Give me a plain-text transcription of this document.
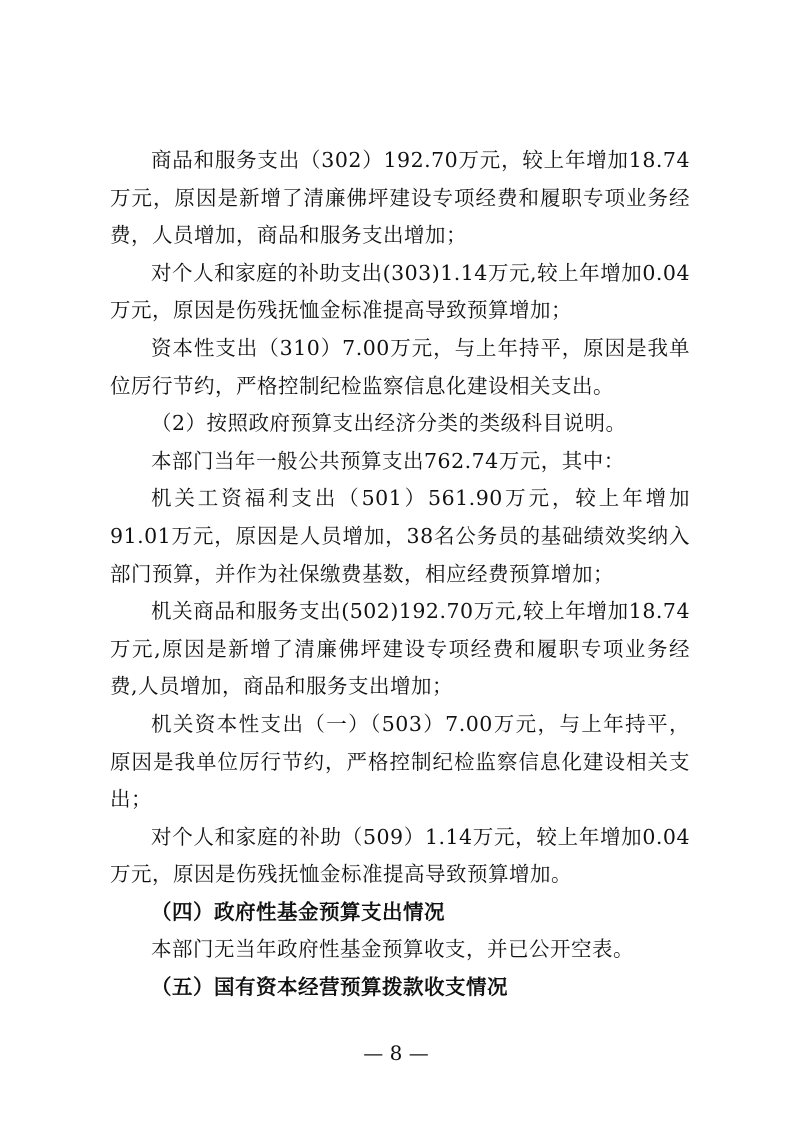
商品和服务支出（302）192.70万元，较上年增加18.74万元，原因是新增了清廉佛坪建设专项经费和履职专项业务经费，人员增加，商品和服务支出增加；

对个人和家庭的补助支出(303)1.14万元,较上年增加0.04万元，原因是伤残抚恤金标准提高导致预算增加；

资本性支出（310）7.00万元，与上年持平，原因是我单位厉行节约，严格控制纪检监察信息化建设相关支出。

（2）按照政府预算支出经济分类的类级科目说明。

本部门当年一般公共预算支出762.74万元，其中：

机关工资福利支出（501）561.90万元，较上年增加91.01万元，原因是人员增加，38名公务员的基础绩效奖纳入部门预算，并作为社保缴费基数，相应经费预算增加；

机关商品和服务支出(502)192.70万元,较上年增加18.74万元,原因是新增了清廉佛坪建设专项经费和履职专项业务经费,人员增加，商品和服务支出增加；

机关资本性支出（一）（503）7.00万元，与上年持平，原因是我单位厉行节约，严格控制纪检监察信息化建设相关支出；

对个人和家庭的补助（509）1.14万元，较上年增加0.04万元，原因是伤残抚恤金标准提高导致预算增加。

（四）政府性基金预算支出情况

本部门无当年政府性基金预算收支，并已公开空表。

（五）国有资本经营预算拨款收支情况

— 8 —
